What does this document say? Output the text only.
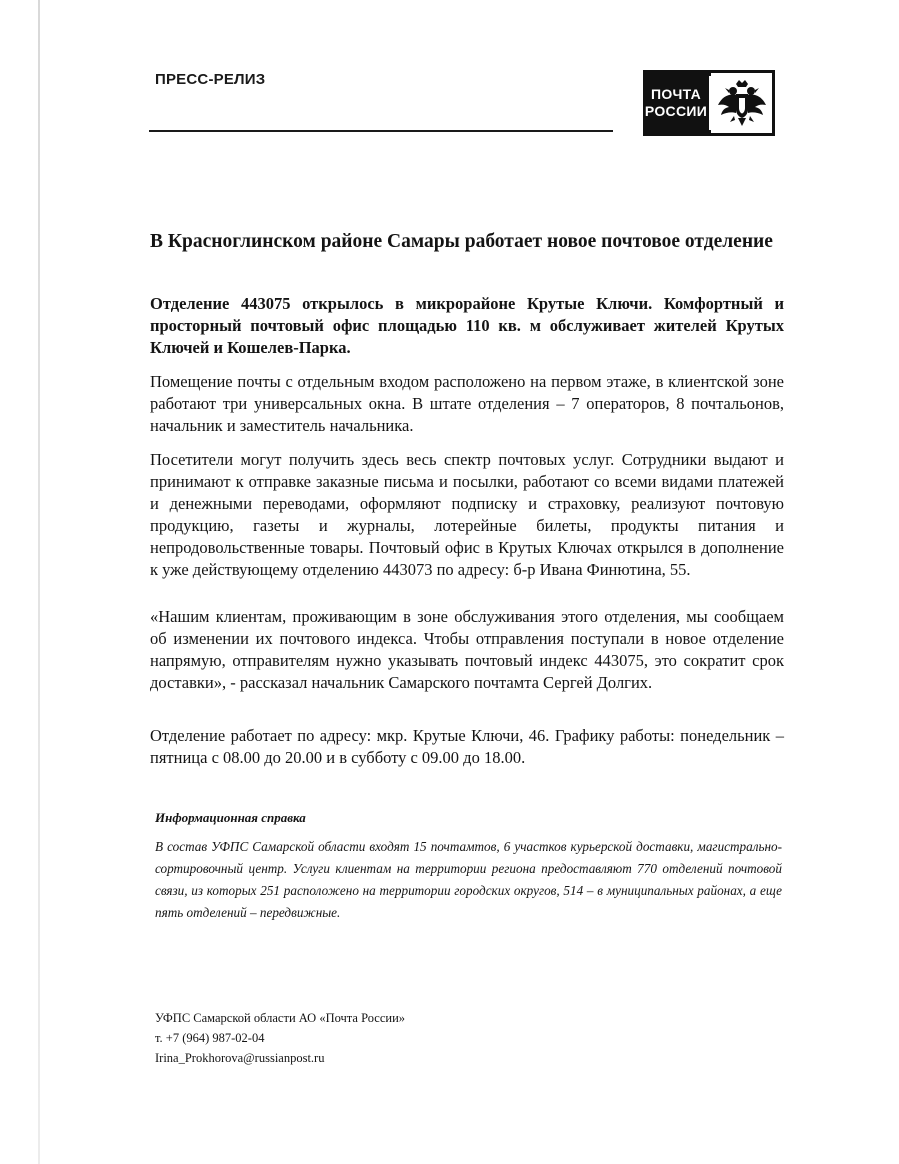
ПРЕСС-РЕЛИЗ
ПОЧТА
РОССИИ
В Красноглинском районе Самары работает новое почтовое отделение
Отделение 443075 открылось в микрорайоне Крутые Ключи. Комфортный и просторный почтовый офис площадью 110 кв. м обслуживает жителей Крутых Ключей и Кошелев-Парка.
Помещение почты с отдельным входом расположено на первом этаже, в клиентской зоне работают три универсальных окна. В штате отделения – 7 операторов, 8 почтальонов, начальник и заместитель начальника.
Посетители могут получить здесь весь спектр почтовых услуг. Сотрудники выдают и принимают к отправке заказные письма и посылки, работают со всеми видами платежей и денежными переводами, оформляют подписку и страховку, реализуют почтовую продукцию, газеты и журналы, лотерейные билеты, продукты питания и непродовольственные товары. Почтовый офис в Крутых Ключах открылся в дополнение к уже действующему отделению 443073 по адресу: б-р Ивана Финютина, 55.
«Нашим клиентам, проживающим в зоне обслуживания этого отделения, мы сообщаем об изменении их почтового индекса. Чтобы отправления поступали в новое отделение напрямую, отправителям нужно указывать почтовый индекс 443075, это сократит срок доставки», - рассказал начальник Самарского почтамта Сергей Долгих.
Отделение работает по адресу: мкр. Крутые Ключи, 46. Графику работы: понедельник – пятница с 08.00 до 20.00 и в субботу с 09.00 до 18.00.
Информационная справка
В состав УФПС Самарской области входят 15 почтамтов, 6 участков курьерской доставки, магистрально-сортировочный центр. Услуги клиентам на территории региона предоставляют 770 отделений почтовой связи, из которых 251 расположено на территории городских округов, 514 – в муниципальных районах, а еще пять отделений – передвижные.
УФПС Самарской области АО «Почта России»
т. +7 (964) 987-02-04
Irina_Prokhorova@russianpost.ru
